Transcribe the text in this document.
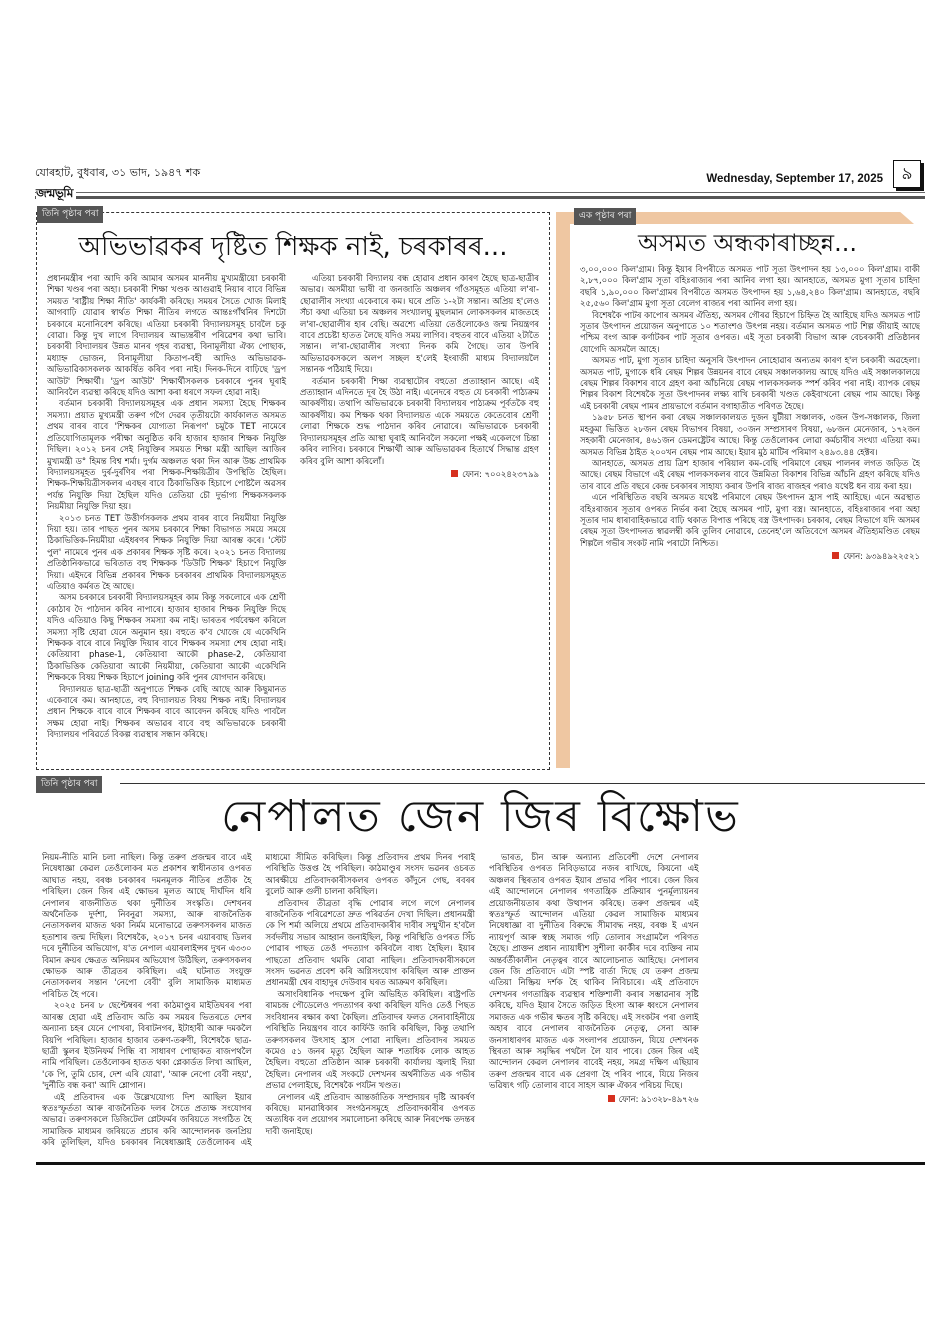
যোৰহাট, বুধবাৰ, ৩১ ভাদ, ১৯৪৭ শক	Wednesday, September 17, 2025	৯
জন্মভূমি
তিনি পৃষ্ঠাৰ পৰা
অভিভাৱকৰ দৃষ্টিত শিক্ষক নাই, চৰকাৰৰ...

প্ৰধানমন্ত্ৰীৰ পৰা আদি কৰি আমাৰ অসমৰ মাননীয় মুখ্যমন্ত্ৰীয়ো চৰকাৰী শিক্ষা খণ্ডৰ পৰা অহা। চৰকাৰী শিক্ষা খণ্ডক আগুৱাই নিয়াৰ বাবে বিভিন্ন সময়ত 'ৰাষ্ট্ৰীয় শিক্ষা নীতি' কাৰ্যকৰী কৰিছে। সময়ৰ সৈতে খোজ মিলাই আগবাঢ়ি যোৱাৰ স্বাৰ্থত শিক্ষা নীতিৰ লগতে আন্তঃগাঁথনিৰ দিশটো চৰকাৰে মনোনিবেশ কৰিছে। এতিয়া চৰকাৰী বিদ্যালয়সমূহ চাবলৈ চকু বোৱা। কিন্তু দুখ লাগে বিদ্যালয়ৰ আভ্যন্তৰীণ পৰিৱেশৰ কথা ভাবি। চৰকাৰী বিদ্যালয়ৰ উন্নত মানৰ গৃহৰ ব্যৱস্থা, বিনামূলীয়া ঐক্য পোছাক, মধ্যাহ্ন ভোজন, বিনামূলীয়া কিতাপ-বহী আদিও অভিভাৱক-অভিভাৱিকাসকলক আকৰ্ষিত কৰিব পৰা নাই। দিনক-দিনে বাঢ়িছে 'ড্ৰপ আউট' শিক্ষাৰ্থী। 'ড্ৰপ আউট' শিক্ষাৰ্থীসকলক চৰকাৰে পুনৰ ঘূৰাই আনিবলৈ ব্যৱস্থা কৰিছে যদিও আশা কৰা ধৰণে সফল হোৱা নাই।

বৰ্তমান চৰকাৰী বিদ্যালয়সমূহৰ এক প্ৰধান সমস্যা হৈছে শিক্ষকৰ সমস্যা। প্ৰয়াত মুখ্যমন্ত্ৰী তৰুণ গগৈ দেৱৰ তৃতীয়টো কাৰ্যকালত অসমত প্ৰথম বাৰৰ বাবে 'শিক্ষকৰ যোগ্যতা নিৰূপণ' চমুকৈ TET নামেৰে প্ৰতিযোগিতামূলক পৰীক্ষা অনুষ্ঠিত কৰি হাজাৰ হাজাৰ শিক্ষক নিযুক্তি দিছিল। ২০১২ চনৰ সেই নিযুক্তিৰ সময়ত শিক্ষা মন্ত্ৰী আছিল আজিৰ মুখ্যমন্ত্ৰী ড° হিমন্ত বিশ্ব শৰ্মা। দুৰ্গম অঞ্চলত থকা দিন আৰু উচ্চ প্ৰাথমিক বিদ্যালয়সমূহত দুৰ্ৰ-দুৰ্ৰণিৰ পৰা শিক্ষক-শিক্ষয়িত্ৰীৰ উপস্থিতি হৈছিল। শিক্ষক-শিক্ষয়িত্ৰীসকলৰ এবছৰ বাবে ঠিকাভিত্তিক হিচাপে পোষ্টলৈ অৱসৰ পৰ্যন্ত নিযুক্তি দিয়া হৈছিল যদিও তেতিয়া চৌ দুৰ্ভাগ্য শিক্ষকসকলক নিয়মীয়া নিযুক্তি দিয়া হয়।

২০১৩ চনত TET উত্তীৰ্ণসকলক প্ৰথম বাৰৰ বাবে নিয়মীয়া নিযুক্তি দিয়া হয়। তাৰ পাছত পুনৰ অসম চৰকাৰে শিক্ষা বিভাগত সময়ে সময়ে ঠিকাভিত্তিক-নিয়মীয়া এইধৰণৰ শিক্ষক নিযুক্তি দিয়া আৰম্ভ কৰে। 'স্টেট পুল' নামেৰে পুনৰ এক প্ৰকাৰৰ শিক্ষক সৃষ্টি কৰে। ২০২১ চনত বিদ্যালয় প্ৰতিষ্ঠানিকভাৱে ভৰিতাত বহু শিক্ষকক 'ডিউটি শিক্ষক' হিচাপে নিযুক্তি দিয়া। এইদৰে বিভিন্ন প্ৰকাৰৰ শিক্ষক চৰকাৰৰ প্ৰাথমিক বিদ্যালয়সমূহত এতিয়াও কৰ্মৰত হৈ আছে।

অসম চৰকাৰে চৰকাৰী বিদ্যালয়সমূহৰ কাম কিন্তু সকলোৰে এক শ্ৰেণী কোঠাৰ দৈ পাঠদান কৰিব নাপাৰে। হাজাৰ হাজাৰ শিক্ষক নিযুক্তি দিছে যদিও এতিয়াও কিছু শিক্ষকৰ সমস্যা কম নাই। ভাৰতৰ পৰ্যবেক্ষণ কৰিলে সমস্যা সৃষ্টি হোৱা যেনে অনুমান হয়। বহুতে ক'ব খোজে যে একেখিনি শিক্ষকক বাৰে বাৰে নিযুক্তি দিয়াৰ বাবে শিক্ষকৰ সমস্যা শেষ হোৱা নাই। কেতিয়াবা phase-1, কেতিয়াবা আকৌ phase-2, কেতিয়াবা ঠিকাভিত্তিক কেতিয়াবা আকৌ নিয়মীয়া, কেতিয়াবা আকৌ একেখিনি শিক্ষককে বিষয় শিক্ষক হিচাপে joining কৰি পুনৰ যোগদান কৰিছে।

বিদ্যালয়ত ছাত্ৰ-ছাত্ৰী অনুপাতে শিক্ষক বেছি আছে আৰু কিছুমানত একেবাৰে কম। আনহাতে, বহু বিদ্যালয়ত বিষয় শিক্ষক নাই। বিদ্যালয়ৰ প্ৰধান শিক্ষকে বাৰে বাৰে শিক্ষকৰ বাবে আবেদন কৰিছে যদিও পাবলৈ সক্ষম হোৱা নাই। শিক্ষকৰ অভাৱৰ বাবে বহু অভিভাৱকে চৰকাৰী বিদ্যালয়ৰ পৰিৱৰ্তে বিকল্প ব্যৱস্থাৰ সন্ধান কৰিছে।

এতিয়া চৰকাৰী বিদ্যালয় বন্ধ হোৱাৰ প্ৰধান কাৰণ হৈছে ছাত্ৰ-ছাত্ৰীৰ অভাৱ। অসমীয়া ভাষী বা জনজাতি অঞ্চলৰ গাঁওসমূহত এতিয়া ল'ৰা-ছোৱালীৰ সংখ্যা একেবাৰে কম। ঘৰে প্ৰতি ১-২টা সন্তান। অপ্ৰিয় হ'লেও সঁচা কথা এতিয়া চৰ অঞ্চলৰ সংখ্যালঘু মুছলমান লোকসকলৰ মাজতহে ল'ৰা-ছোৱালীৰ হাৰ বেছি। অৱশ্যে এতিয়া তেওঁলোকেও জন্ম নিয়ন্ত্ৰণৰ বাবে প্ৰচেষ্টা হাতত লৈছে যদিও সময় লাগিব। বহুতৰ বাবে এতিয়া ২টাতৈ সন্তান। ল'ৰা-ছোৱালীৰ সংখ্যা দিনক কমি গৈছে। তাৰ উপৰি অভিভাৱকসকলে অলপ সচ্ছল হ'লেই ইংৰাজী মাধ্যম বিদ্যালয়লৈ সন্তানক পঠিয়াই দিয়ে।

বৰ্তমান চৰকাৰী শিক্ষা ব্যৱস্থাটোৰ বহুতো প্ৰত্যাহ্বান আছে। এই প্ৰত্যাহ্বান এদিনতে দূৰ হৈ উঠা নাই। এনেদৰে বহুত যে চৰকাৰী পাঠ্যক্ৰম আকৰ্ষণীয়। তথাপি অভিভাৱকে চৰকাৰী বিদ্যালয়ৰ পাঠ্যক্ৰম পূৰ্বতকৈ বহু আকৰ্ষণীয়। কম শিক্ষক থকা বিদ্যালয়ত একে সময়তে কেতেবোৰ শ্ৰেণী লোৱা শিক্ষকে শুদ্ধ পাঠদান কৰিব নোৱাৰে। অভিভাৱকে চৰকাৰী বিদ্যালয়সমূহৰ প্ৰতি আস্থা ঘূৰাই আনিবলৈ সকলো পক্ষই একেলগে চিন্তা কৰিব লাগিব। চৰকাৰে শিক্ষাৰ্থী আৰু অভিভাৱকৰ হিতাৰ্থে সিদ্ধান্ত গ্ৰহণ কৰিব বুলি আশা কৰিলোঁ।

ফোন: ৭০০২৪২৩৭৯৯
এক পৃষ্ঠাৰ পৰা
অসমত অন্ধকাৰাচ্ছন্ন...

৩,০০,০০০ কিল'গ্ৰাম। কিন্তু ইয়াৰ বিপৰীতে অসমত পাট সূতা উৎপাদন হয় ১৩,০০০ কিল'গ্ৰাম। বাকী ২,৮৭,০০০ কিল'গ্ৰাম সূতা বহিঃৰাজ্যৰ পৰা আনিব লগা হয়। আনহাতে, অসমত মুগা সূতাৰ চাহিদা বছৰি ১,৯০,০০০ কিল'গ্ৰামৰ বিপৰীতে অসমত উৎপাদন হয় ১,৬৪,২৪০ কিল'গ্ৰাম। আনহাতে, বছৰি ২৫,৫৬০ কিল'গ্ৰাম মুগা সূতা বেলেগ ৰাজ্যৰ পৰা আনিব লগা হয়।

বিশেষকৈ পাটৰ কাপোৰ অসমৰ ঐতিহ্য, অসমৰ গৌৰৱ হিচাপে চিহ্নিত হৈ আহিছে যদিও অসমত পাট সূতাৰ উৎপাদন প্ৰয়োজন অনুপাতে ১০ শতাংশও উৎপন্ন নহয়। বৰ্তমান অসমত পাট শিল্প জীয়াই আছে পশ্চিম বংগ আৰু কৰ্ণাটকৰ পাট সূতাৰ ওপৰত। এই সূতা চৰকাৰী বিভাগ আৰু বেচৰকাৰী প্ৰতিষ্ঠানৰ যোগেদি অসমলৈ আহে।

অসমত পাট, মুগা সূতাৰ চাহিদা অনুসৰি উৎপাদন নোহোৱাৰ অন্যতম কাৰণ হ'ল চৰকাৰী অৱহেলা। অসমত পাট, মুগাকে ধৰি ৰেছম শিল্পৰ উন্নয়নৰ বাবে ৰেছম সঞ্চালকালয় আছে যদিও এই সঞ্চালকালয়ে ৰেছম শিল্পৰ বিকাশৰ বাবে গ্ৰহণ কৰা আঁচনিয়ে ৰেছম পালকসকলক স্পৰ্শ কৰিব পৰা নাই। ব্যাপক ৰেছম শিল্পৰ বিকাশ বিশেষকৈ সূতা উৎপাদনৰ লক্ষ্য ৰাখি চৰকাৰী খণ্ডত কেইবাখনো ৰেছম পাম আছে। কিন্তু এই চৰকাৰী ৰেছম পামৰ প্ৰায়ভাগে বৰ্তমান বগাহাতীত পৰিণত হৈছে।

১৯৫৮ চনত স্থাপন কৰা ৰেছম সঞ্চালকালয়ত দুজন যুটীয়া সঞ্চালক, ৩জন উপ-সঞ্চালক, জিলা মহকুমা ভিত্তিত ২৮জন ৰেছম বিভাগৰ বিষয়া, ৩০জন সম্প্ৰসাৰণ বিষয়া, ৬৮জন মেনেজাৰ, ১৭২জন সহকাৰী মেনেজাৰ, ৪৬১জন ডেমনষ্ট্ৰেটৰ আছে। কিন্তু তেওঁলোকৰ লোৱা কৰ্মচাৰীৰ সংখ্যা এতিয়া কম। অসমত বিভিন্ন ঠাইত ২০০খন ৰেছম পাম আছে। ইয়াৰ মুঠ মাটিৰ পৰিমাণ ২৪৯৩.৪৪ হেক্টৰ।

আনহাতে, অসমত প্ৰায় ত্ৰিশ হাজাৰ পৰিয়াল কম-বেছি পৰিমাণে ৰেছম পালনৰ লগত জড়িত হৈ আছে। ৰেছম বিভাগে এই ৰেছম পালকসকলৰ বাবে উন্নমিতা বিকাশৰ বিভিন্ন আঁচনি গ্ৰহণ কৰিছে যদিও তাৰ বাবে প্ৰতি বছৰে কেন্দ্ৰ চৰকাৰৰ সাহায্য কৰাৰ উপৰি ৰাজ্য ৰাজহৰ পৰাও যথেষ্ট ধন ব্যয় কৰা হয়।

এনে পৰিস্থিতিত বছৰি অসমত যথেষ্ট পৰিমাণে ৰেছম উৎপাদন হ্ৰাস পাই আহিছে। এনে অৱস্থাত বহিঃৰাজ্যৰ সূতাৰ ওপৰত নিৰ্ভৰ কৰা হৈছে অসমৰ পাট, মুগা বস্ত্ৰ। আনহাতে, বহিঃৰাজ্যৰ পৰা অহা সূতাৰ দাম ধাৰাবাহিকভাৱে বাঢ়ি থকাত বিপাত্ত পৰিছে বস্ত্ৰ উৎপাদক। চৰকাৰ, ৰেছম বিভাগে যদি অসমৰ ৰেছম সূতা উৎপাদনত স্বাৱলম্বী কৰি তুলিব নোৱাৰে, তেনেহ'লে অতিবেগে অসমৰ ঐতিহ্যমণ্ডিত ৰেছম শিল্পলৈ গভীৰ সংকট নামি পৰাটো নিশ্চিত।

ফোন: ৯৩৯৪৯২২৫২১
তিনি পৃষ্ঠাৰ পৰা
নেপালত জেন জিৰ বিক্ষোভ

নিয়ম-নীতি মানি চলা নাছিল। কিন্তু তৰুণ প্ৰজন্মৰ বাবে এই নিষেধাজ্ঞা কেৱল তেওঁলোকৰ মত প্ৰকাশৰ স্বাধীনতাৰ ওপৰত আঘাত নহয়, বৰঞ্চ চৰকাৰৰ দমনমূলক নীতিৰ প্ৰতীক হৈ পৰিছিল। জেন জিৰ এই ক্ষোভৰ মূলত আছে দীৰ্ঘদিন ধৰি নেপালৰ ৰাজনীতিত থকা দুৰ্নীতিৰ সংস্কৃতি। দেশখনৰ অৰ্থনৈতিক দুৰ্দশা, নিবনুৱা সমস্যা, আৰু ৰাজনৈতিক নেতাসকলৰ মাজত থকা নিৰ্মম মনোভাৱে তৰুণসকলৰ মাজত হতাশাৰ জন্ম দিছিল। বিশেষকৈ, ২০১৭ চনৰ এয়াৰবাছ ডিলৰ দৰে দুৰ্নীতিৰ অভিযোগ, য'ত নেপাল এয়াৰলাইন্সৰ দুখন এ৩৩০ বিমান ক্ৰয়ৰ ক্ষেত্ৰত অনিয়মৰ অভিযোগ উঠিছিল, তৰুণসকলৰ ক্ষোভক আৰু তীব্ৰতৰ কৰিছিল। এই ঘটনাত সংযুক্ত নেতাসকলৰ সন্তান 'নেপো বেবী' বুলি সামাজিক মাধ্যমত পৰিচিত হৈ পৰে।

২০২৫ চনৰ ৮ ছেপ্টেম্বৰৰ পৰা কাঠমাণ্ডুৰ মাইতিঘৰৰ পৰা আৰম্ভ হোৱা এই প্ৰতিবাদ অতি কম সময়ৰ ভিতৰতে দেশৰ অন্যান্য চহৰ যেনে পোখৰা, বিৰাটনগৰ, ইটাহাৰী আৰু দমকলৈ বিয়পি পৰিছিল। হাজাৰ হাজাৰ তৰুণ-তৰুণী, বিশেষকৈ ছাত্ৰ-ছাত্ৰী স্কুলৰ ইউনিফৰ্ম পিন্ধি বা সাধাৰণ পোছাকত ৰাজপথলৈ নামি পৰিছিল। তেওঁলোকৰ হাতত থকা প্লেকাৰ্ডত লিখা আছিল, 'কে পি, তুমি চোৰ, দেশ এৰি যোৱা', 'আৰু নেপো বেবী নহয়', 'দুৰ্নীতি বন্ধ কৰা' আদি শ্লোগান।

এই প্ৰতিবাদৰ এক উল্লেখযোগ্য দিশ আছিল ইয়াৰ স্বতঃস্ফূৰ্ততা আৰু ৰাজনৈতিক দলৰ সৈতে প্ৰত্যক্ষ সংযোগৰ অভাৱ। তৰুণসকলে ডিজিটেল প্লেটফৰ্মৰ জৰিয়তে সংগঠিত হৈ সামাজিক মাধ্যমৰ জৰিয়তে প্ৰচাৰ কৰি আন্দোলনক জনপ্ৰিয় কৰি তুলিছিল, যদিও চৰকাৰৰ নিষেধাজ্ঞাই তেওঁলোকৰ এই মাধ্যমো সীমিত কৰিছিল। কিন্তু প্ৰতিবাদৰ প্ৰথম দিনৰ পৰাই পৰিস্থিতি উত্তপ্ত হৈ পৰিছিল। কাঠমাণ্ডুৰ সংসদ ভৱনৰ ওচৰত আৰক্ষীয়ে প্ৰতিবাদকাৰীসকলৰ ওপৰত কাঁদুনে গেছ, ৰবৰৰ বুলেট আৰু গুলী চালনা কৰিছিল।

প্ৰতিবাদৰ তীব্ৰতা বৃদ্ধি পোৱাৰ লগে লগে নেপালৰ ৰাজনৈতিক পৰিৱেশতো দ্ৰুত পৰিৱৰ্তন দেখা দিছিল। প্ৰধানমন্ত্ৰী কে পি শৰ্মা অলিয়ে প্ৰথমে প্ৰতিবাদকাৰীৰ দাবীৰ সন্মুখীন হ'বলৈ সৰ্বদলীয় সভাৰ আহ্বান জনাইছিল, কিন্তু পৰিস্থিতি ওপৰত সিঁচ পোৱাৰ পাছত তেওঁ পদত্যাগ কৰিবলৈ বাধ্য হৈছিল। ইয়াৰ পাছতো প্ৰতিবাদ থমকি ৰোৱা নাছিল। প্ৰতিবাদকাৰীসকলে সংসদ ভৱনত প্ৰবেশ কৰি অগ্নিসংযোগ কৰিছিল আৰু প্ৰাক্তন প্ৰধানমন্ত্ৰী শ্বেৰ বাহাদুৰ দেউবাৰ ঘৰত আক্ৰমণ কৰিছিল।

অসাংবিধানিক পদক্ষেপ বুলি অভিহিত কৰিছিল। ৰাষ্ট্ৰপতি ৰামচন্দ্ৰ পৌডেলেও পদত্যাগৰ কথা কৰিছিল যদিও তেওঁ পিছত সংবিধানৰ ৰক্ষাৰ কথা কৈছিল। প্ৰতিবাদৰ ফলত সেনাবাহিনীয়ে পৰিস্থিতি নিয়ন্ত্ৰণৰ বাবে কাৰ্ফিউ জাৰি কৰিছিল, কিন্তু তথাপি তৰুণসকলৰ উৎসাহ হ্ৰাস পোৱা নাছিল। প্ৰতিবাদৰ সময়ত কমেও ৫১ জনৰ মৃত্যু হৈছিল আৰু শতাধিক লোক আহত হৈছিল। বহুতো প্ৰতিষ্ঠান আৰু চৰকাৰী কাৰ্যালয় জ্বলাই দিয়া হৈছিল। নেপালৰ এই সংকটে দেশখনৰ অৰ্থনীতিত এক গভীৰ প্ৰভাৱ পেলাইছে, বিশেষকৈ পৰ্যটন খণ্ডত।

নেপালৰ এই প্ৰতিবাদ আন্তৰ্জাতিক সম্প্ৰদায়ৰ দৃষ্টি আকৰ্ষণ কৰিছে। মানৱাধিকাৰ সংগঠনসমূহে প্ৰতিবাদকাৰীৰ ওপৰত অত্যধিক বল প্ৰয়োগৰ সমালোচনা কৰিছে আৰু নিৰপেক্ষ তদন্তৰ দাবী জনাইছে।

ভাৰত, চীন আৰু অন্যান্য প্ৰতিবেশী দেশে নেপালৰ পৰিস্থিতিৰ ওপৰত নিবিড়ভাৱে নজৰ ৰাখিছে, কিয়নো এই অঞ্চলৰ স্থিৰতাৰ ওপৰত ইয়াৰ প্ৰভাৱ পৰিব পাৰে। জেন জিৰ এই আন্দোলনে নেপালৰ গণতান্ত্ৰিক প্ৰক্ৰিয়াৰ পুনৰ্মূল্যায়নৰ প্ৰয়োজনীয়তাৰ কথা উত্থাপন কৰিছে। তৰুণ প্ৰজন্মৰ এই স্বতঃস্ফূৰ্ত আন্দোলন এতিয়া কেৱল সামাজিক মাধ্যমৰ নিষেধাজ্ঞা বা দুৰ্নীতিৰ বিৰুদ্ধে সীমাবদ্ধ নহয়, বৰঞ্চ ই এখন ন্যায়পূৰ্ণ আৰু স্বচ্ছ সমাজ গঢ়ি তোলাৰ সংগ্ৰামলৈ পৰিণত হৈছে। প্ৰাক্তন প্ৰধান ন্যায়াধীশ সুশীলা কাৰ্কীৰ দৰে ব্যক্তিৰ নাম অন্তৰ্বৰ্তীকালীন নেতৃত্বৰ বাবে আলোচনাত আহিছে। নেপালৰ জেন জি প্ৰতিবাদে এটা স্পষ্ট বাৰ্তা দিছে যে তৰুণ প্ৰজন্ম এতিয়া নিষ্ক্ৰিয় দৰ্শক হৈ থাকিব নিবিচাৰে। এই প্ৰতিবাদে দেশখনৰ গণতান্ত্ৰিক ব্যৱস্থাৰ শক্তিশালী কৰাৰ সম্ভাৱনাৰ সৃষ্টি কৰিছে, যদিও ইয়াৰ সৈতে জড়িত হিংসা আৰু ধ্বংসে নেপালৰ সমাজত এক গভীৰ ক্ষতৰ সৃষ্টি কৰিছে। এই সংকটৰ পৰা ওলাই অহাৰ বাবে নেপালৰ ৰাজনৈতিক নেতৃত্ব, সেনা আৰু জনসাধাৰণৰ মাজত এক সংলাপৰ প্ৰয়োজন, যিয়ে দেশখনক স্থিৰতা আৰু সমৃদ্ধিৰ পথলৈ লৈ যাব পাৰে। জেন জিৰ এই আন্দোলন কেৱল নেপালৰ বাবেই নহয়, সমগ্ৰ দক্ষিণ এছিয়াৰ তৰুণ প্ৰজন্মৰ বাবে এক প্ৰেৰণা হৈ পৰিব পাৰে, যিয়ে নিজৰ ভৱিষ্যৎ গঢ়ি তোলাৰ বাবে সাহস আৰু ঐক্যৰ পৰিচয় দিছে।

ফোন: ৯১৩২৮-৪৯৭২৬
